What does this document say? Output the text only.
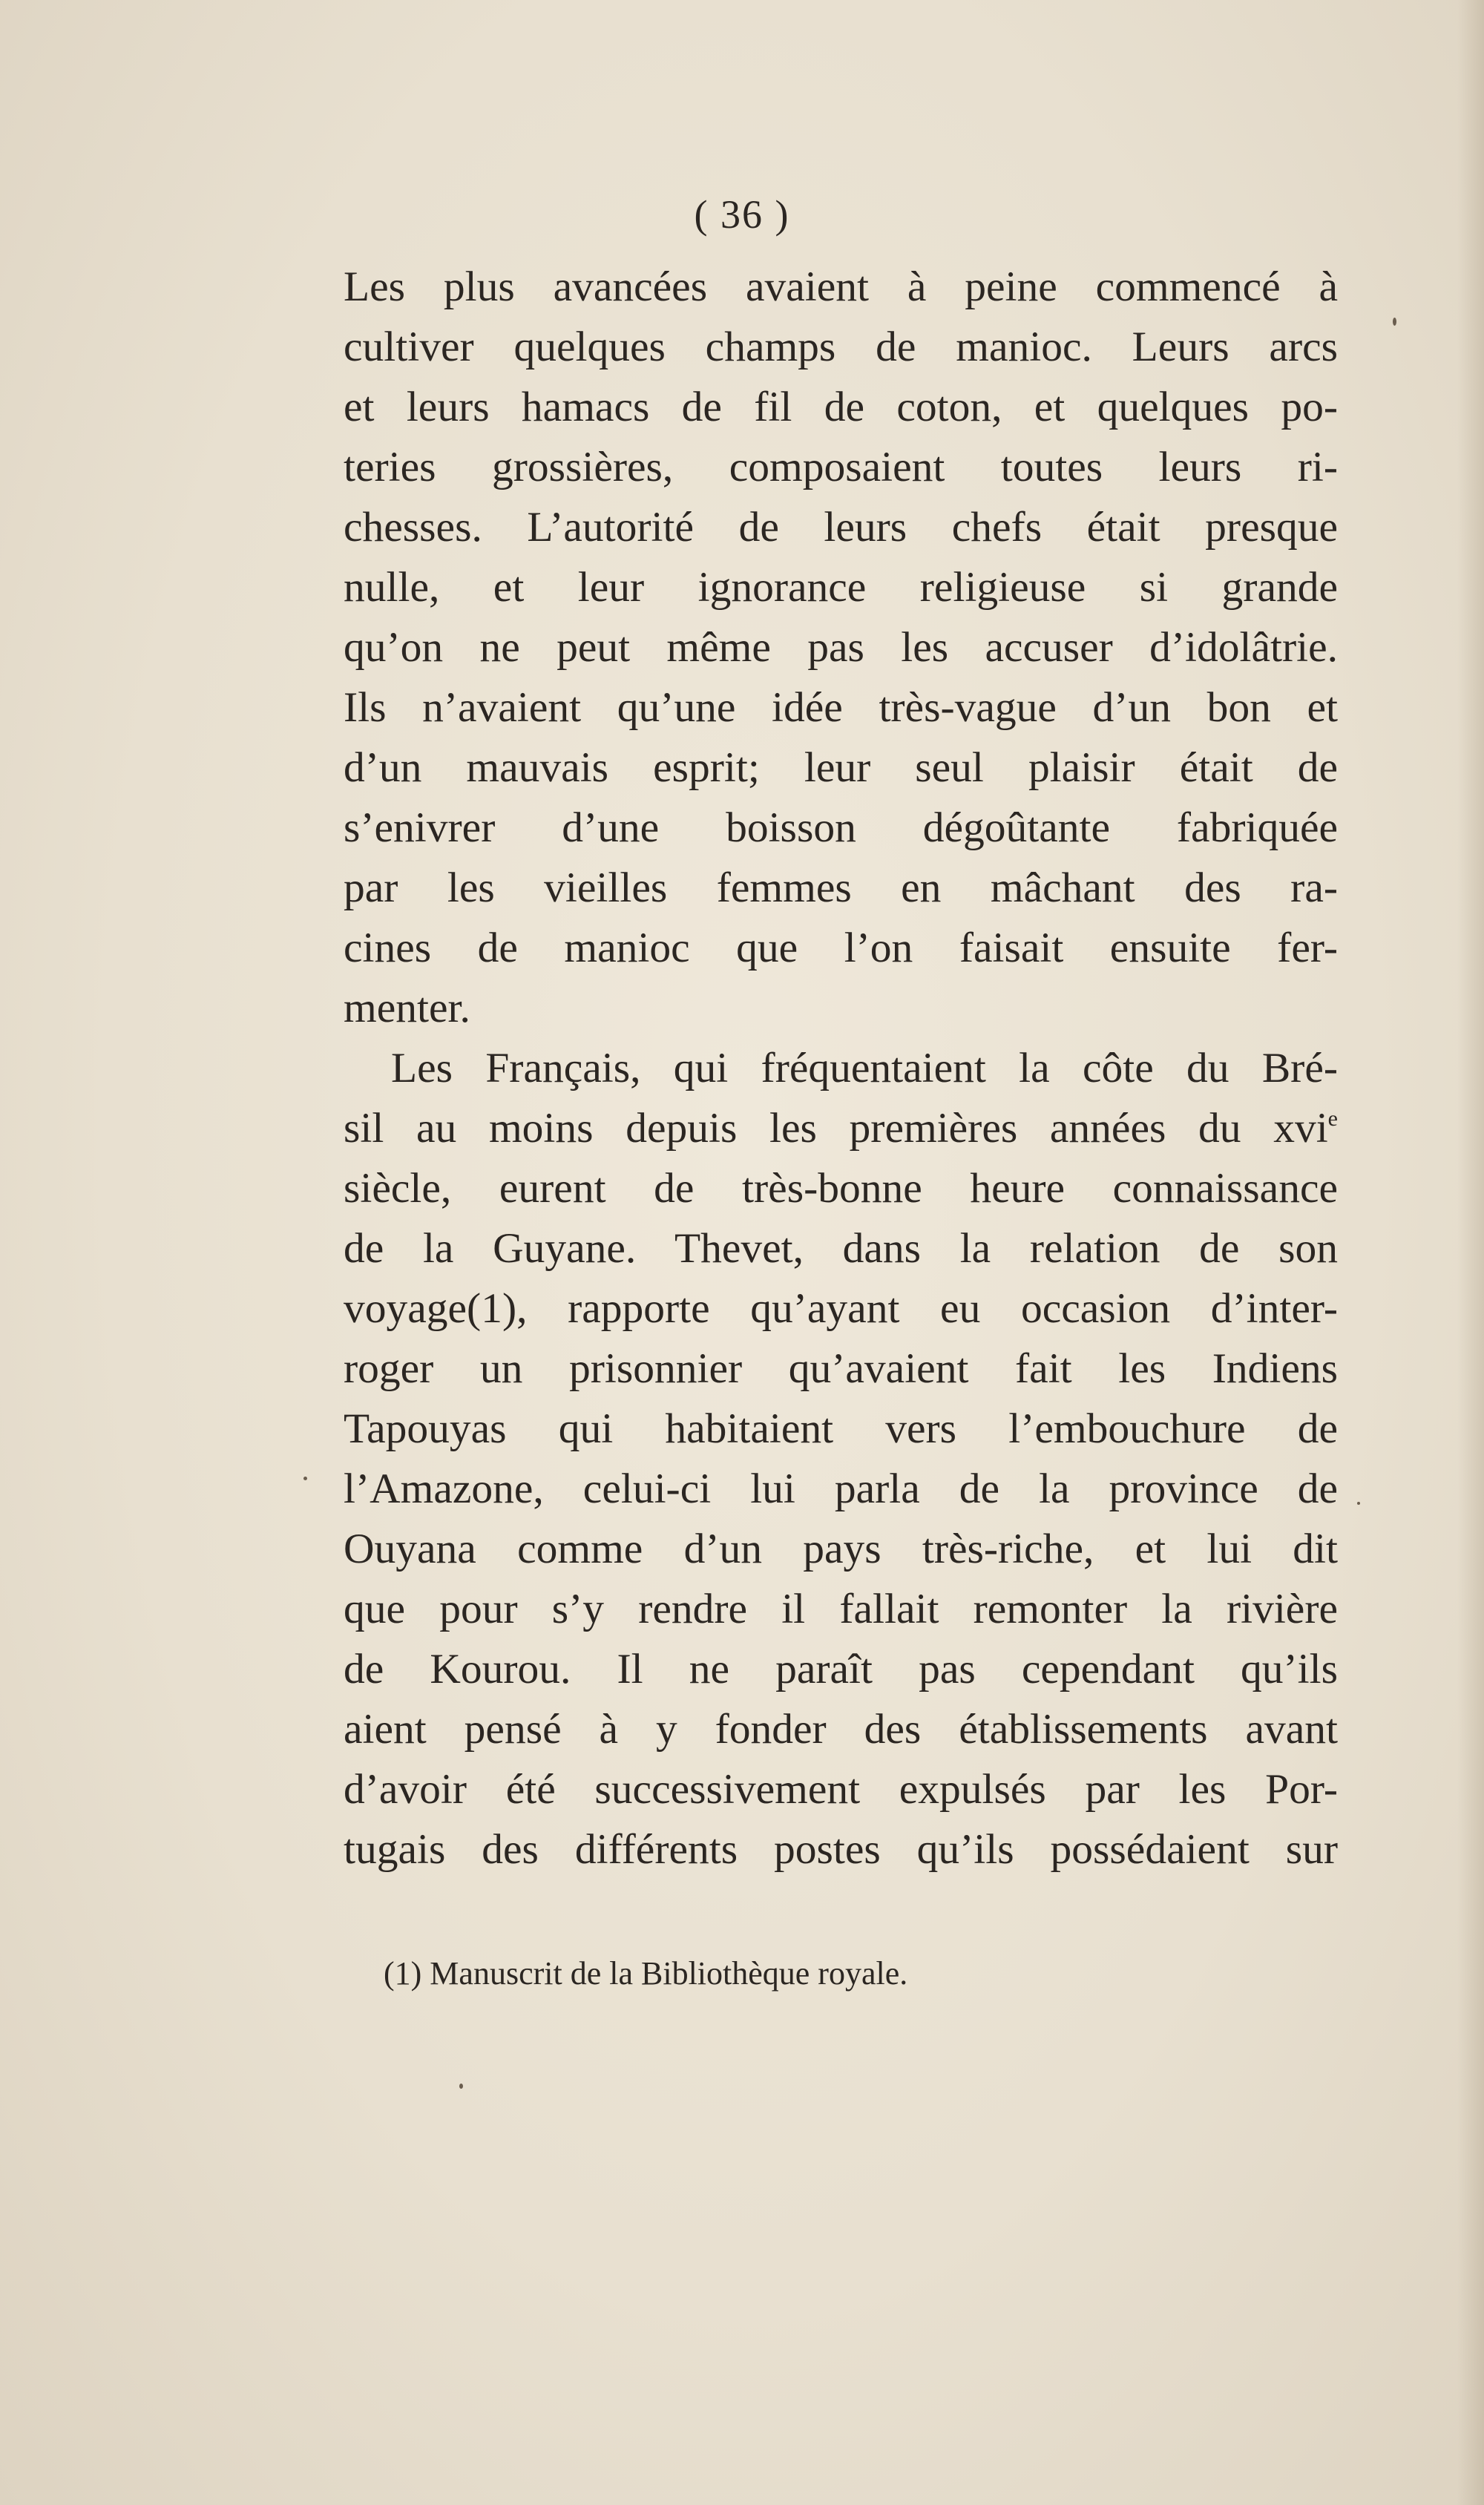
( 36 )
Les plus avancées avaient à peine commencé à
cultiver quelques champs de manioc. Leurs arcs
et leurs hamacs de fil de coton, et quelques po-
teries grossières, composaient toutes leurs ri-
chesses. L’autorité de leurs chefs était presque
nulle, et leur ignorance religieuse si grande
qu’on ne peut même pas les accuser d’idolâtrie.
Ils n’avaient qu’une idée très-vague d’un bon et
d’un mauvais esprit; leur seul plaisir était de
s’enivrer d’une boisson dégoûtante fabriquée
par les vieilles femmes en mâchant des ra-
cines de manioc que l’on faisait ensuite fer-
menter.
Les Français, qui fréquentaient la côte du Bré-
sil au moins depuis les premières années du xvi$^e$
siècle, eurent de très-bonne heure connaissance
de la Guyane. Thevet, dans la relation de son
voyage(1), rapporte qu’ayant eu occasion d’inter-
roger un prisonnier qu’avaient fait les Indiens
Tapouyas qui habitaient vers l’embouchure de
l’Amazone, celui-ci lui parla de la province de
Ouyana comme d’un pays très-riche, et lui dit
que pour s’y rendre il fallait remonter la rivière
de Kourou. Il ne paraît pas cependant qu’ils
aient pensé à y fonder des établissements avant
d’avoir été successivement expulsés par les Por-
tugais des différents postes qu’ils possédaient sur
(1) Manuscrit de la Bibliothèque royale.
